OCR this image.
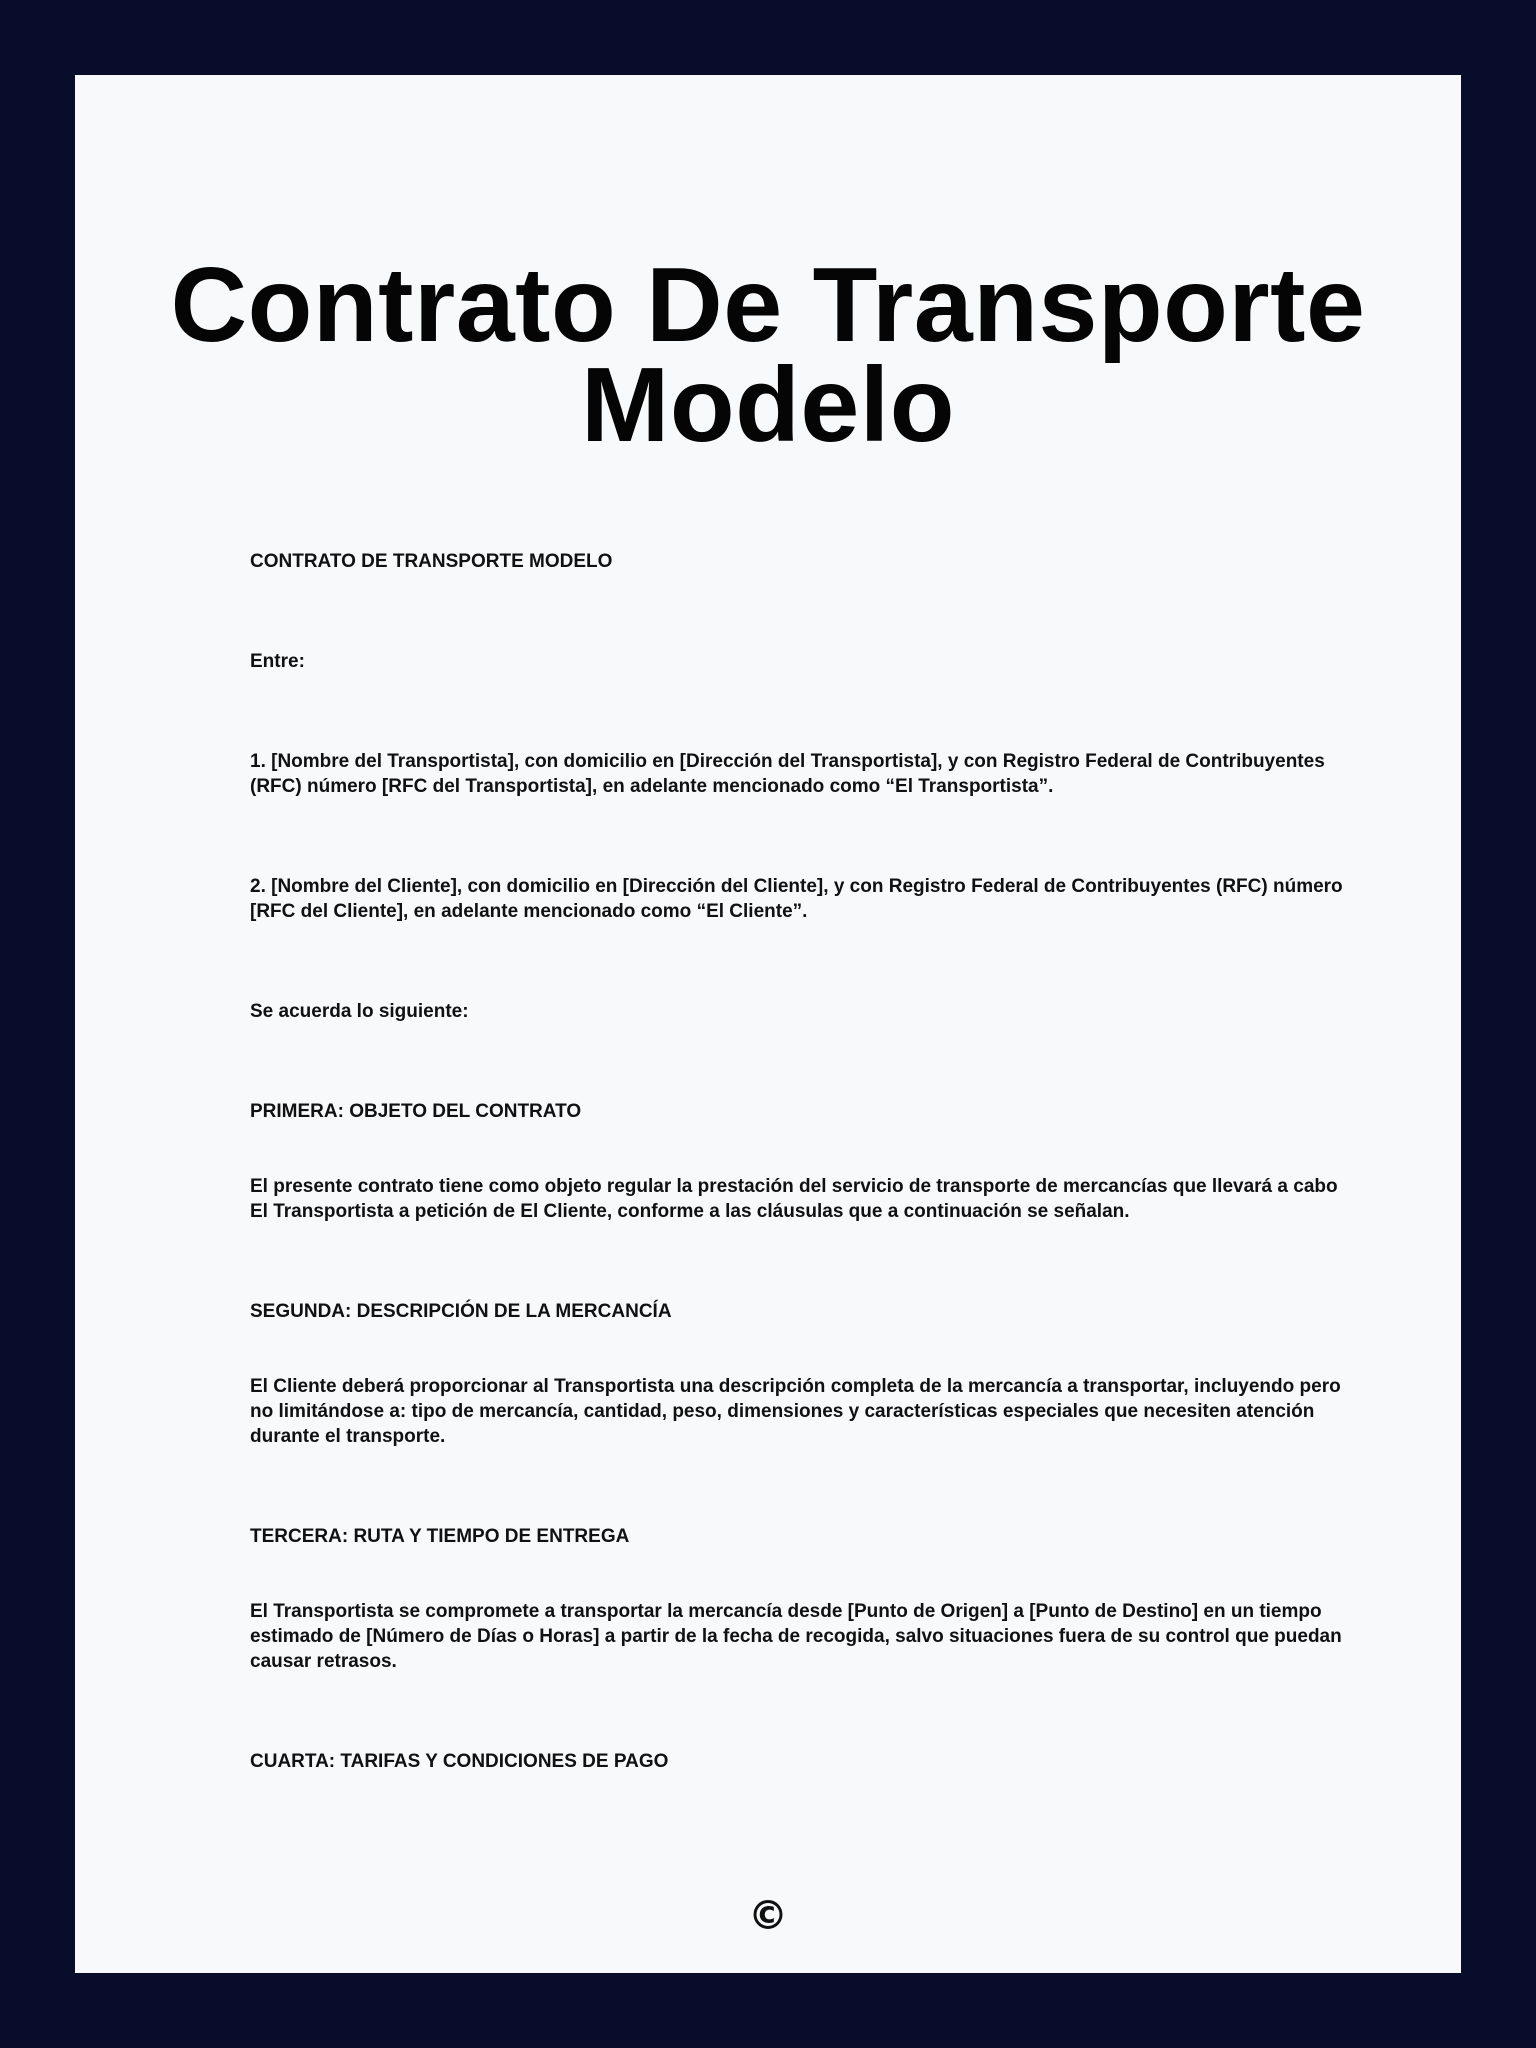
Contrato De Transporte
Modelo

CONTRATO DE TRANSPORTE MODELO

Entre:

1. [Nombre del Transportista], con domicilio en [Dirección del Transportista], y con Registro Federal de Contribuyentes (RFC) número [RFC del Transportista], en adelante mencionado como “El Transportista”.

2. [Nombre del Cliente], con domicilio en [Dirección del Cliente], y con Registro Federal de Contribuyentes (RFC) número [RFC del Cliente], en adelante mencionado como “El Cliente”.

Se acuerda lo siguiente:

PRIMERA: OBJETO DEL CONTRATO

El presente contrato tiene como objeto regular la prestación del servicio de transporte de mercancías que llevará a cabo El Transportista a petición de El Cliente, conforme a las cláusulas que a continuación se señalan.

SEGUNDA: DESCRIPCIÓN DE LA MERCANCÍA

El Cliente deberá proporcionar al Transportista una descripción completa de la mercancía a transportar, incluyendo pero no limitándose a: tipo de mercancía, cantidad, peso, dimensiones y características especiales que necesiten atención durante el transporte.

TERCERA: RUTA Y TIEMPO DE ENTREGA

El Transportista se compromete a transportar la mercancía desde [Punto de Origen] a [Punto de Destino] en un tiempo estimado de [Número de Días o Horas] a partir de la fecha de recogida, salvo situaciones fuera de su control que puedan causar retrasos.

CUARTA: TARIFAS Y CONDICIONES DE PAGO

©
